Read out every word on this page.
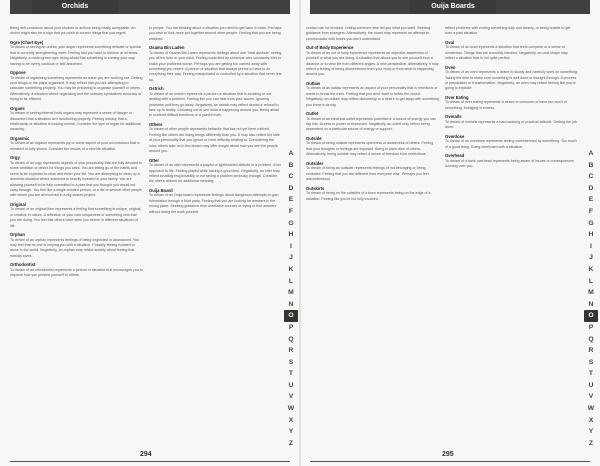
Orchids
Being self-conscious about your choices or actions being totally acceptable. An orchid might also be a sign that you wish to correct things that you regret.
Ogre (Chart Eye)
To dream of seeing an orchid, your anger represents something delicate or special that is currently strengthening inner. Feeling that you have to behave at all times. Negatively, a mean green ogre being afraid that something is coming your way having to be overly cautious or self-absorbed.
Oppose
To dream of organising something represents an issue you are working out. Getting your things or the plans organised. It may reflect that you are attempting to calculate something properly. You may be preparing to organise yourself or others. Alternatively, a situation where organising and the ordinary symbolizes accuracy or trying to be efficient.
Organs
To dream of seeing internal body organs may represent a sense of danger or discomfort that a situation isn't functioning properly. Feeling uneasy that a relationship or situation is looking normal. Consider the type of organ for additional meaning.
Orgasmic
To dream of an orgasm represents joy or some aspect of your unconscious that is released or fully shown. Consider the results of a new life situation.
Orgy
To dream of an orgy represents aspects of your personality that are fully devoted to some ambition or desire for things you want. You are letting go of the habits and seem to be expected to relax and finish your life. You are attempting to clean up a domestic situation where someone is heavily invested in your family. You are allowing yourself to be fully committed to a plan that you thought you would not carry through. You feel like a single-minded person, or a life of several other people with whom you are all involved in a big shared project.
Original
To dream of an original item represents a feeling that something is unique, original, or creative in nature. A reflection of your own uniqueness or something new that you are doing. You feel that others have seen you before in different situations of life.
Orphan
To dream of an orphan represents feelings of being neglected or abandoned. You may feel that no one is helping you with a situation. Possibly feeling isolated or alone in the world. Negatively, an orphan may reflect anxiety about feeling that nobody cares.
Orthodontist
To dream of an orthodontist represents a person or situation that encourages you to improve how you present yourself to others.
to people. You are thinking about a situation you need to get back in order. Perhaps you wish to look more put together around other people. Feeling that you are being watched.
Osama Bin Laden
To dream of Osama Bin Laden represents feelings about one "total asshole" seeing you all the time or your risks. Feeling controlled by someone who constantly tries to make your problems worse. Perhaps you are getting too carried away with something you resent. A person or situation that always seems to have to do everything their way. Feeling manipulated or controlled by a situation that never lets up.
Ostrich
To dream of an ostrich represents a person or situation that is avoiding or not dealing with a problem. Feeling like you can hide from your issues. Ignoring problems until they go away. Negatively, an ostrich may reflect denial or refusal to face up to reality. Choosing not to see what is happening around you. Being afraid to confront difficult emotions or a painful truth.
Others
To dream of other people represents behavior that has not yet been noticed. Feeling like others are doing things differently than you. It may also reflect the side of your personality that you ignore or have difficulty relating to. Considering the roles others take on in the dream may offer insight about how you see the people around you.
Otter
To dream of an otter represents a playful or lighthearted attitude to a problem. A fun approach to life. Feeling playful while having a good time. Negatively, an otter may reflect avoiding responsibility or not taking a problem seriously enough. Consider the otter's actions for additional meaning.
Ouija Board
To dream of an Ouija board represents feelings about dangerous attempts to gain information through a third party. Feeling that you are looking for answers in the wrong place. Seeking guidance from unreliable sources or trying to find answers without doing the work yourself.
A
B
C
D
E
F
G
H
I
J
K
L
M
N
O
P
Q
R
S
T
U
V
W
X
Y
Z
294
Ouija Boards
contact can be invoked. Letting someone else tell you what you want. Seeking guidance from strangers. Alternatively, the board may represent an attempt to communicate with forces you don't understand.
Out of Body Experience
To dream of an out of body experience represents an objective awareness of yourself or what you are doing. A situation that allows you to see yourself from a distance or to view life from different angles. A new perspective. Alternatively, it may reflect a feeling of being disconnected from your body or from what is happening around you.
Outlaw
To dream of an outlaw represents an aspect of your personality that is rebellious or wants to break the rules. Feeling that you don't want to follow the crowd. Negatively, an outlaw may reflect dishonesty or a desire to get away with something you know is wrong.
Outlet
To dream of an electrical outlet represents potential or a source of energy you can tap into. Access to power or resources. Negatively, an outlet may reflect being dependent on a particular source of energy or support.
Outside
To dream of being outside represents openness or awareness of others. Feeling that your thoughts or feelings are exposed. Being in plain view of others. Alternatively, being outside may reflect a sense of freedom from restrictions.
Outsider
To dream of being an outsider represents feelings of not belonging or being excluded. Feeling that you are different from everyone else. Perhaps you feel misunderstood.
Outskirts
To dream of being on the outskirts of a town represents being on the edge of a situation. Feeling like you're not fully involved.
reflect problems with ending something fully and cleanly, or being unable to get over a past situation.
Oval
To dream of an oval represents a situation that feels complete or a sense of wholeness. Things that are smoothly handled. Negatively, an oval shape may reflect a situation that is not quite perfect.
Oven
To dream of an oven represents a desire to slowly and carefully work on something. Taking the time to make sure something is well done or thought through. A process of preparation or transformation. Negatively, an oven may reflect feeling like you're going to explode.
Over Eating
To dream of over eating represents a desire to consume or have too much of something. Indulging in excess.
Overalls
To dream of overalls represents a hard-working or practical attitude. Getting the job done.
Overdose
To dream of an overdose represents feeling overwhelmed by something. Too much of a good thing. Going overboard with a situation.
Overhead
To dream of a bank overhead represents being aware of issues or consequences looming over you.
A
B
C
D
E
F
G
H
I
J
K
L
M
N
O
P
Q
R
S
T
U
V
W
X
Y
Z
295
